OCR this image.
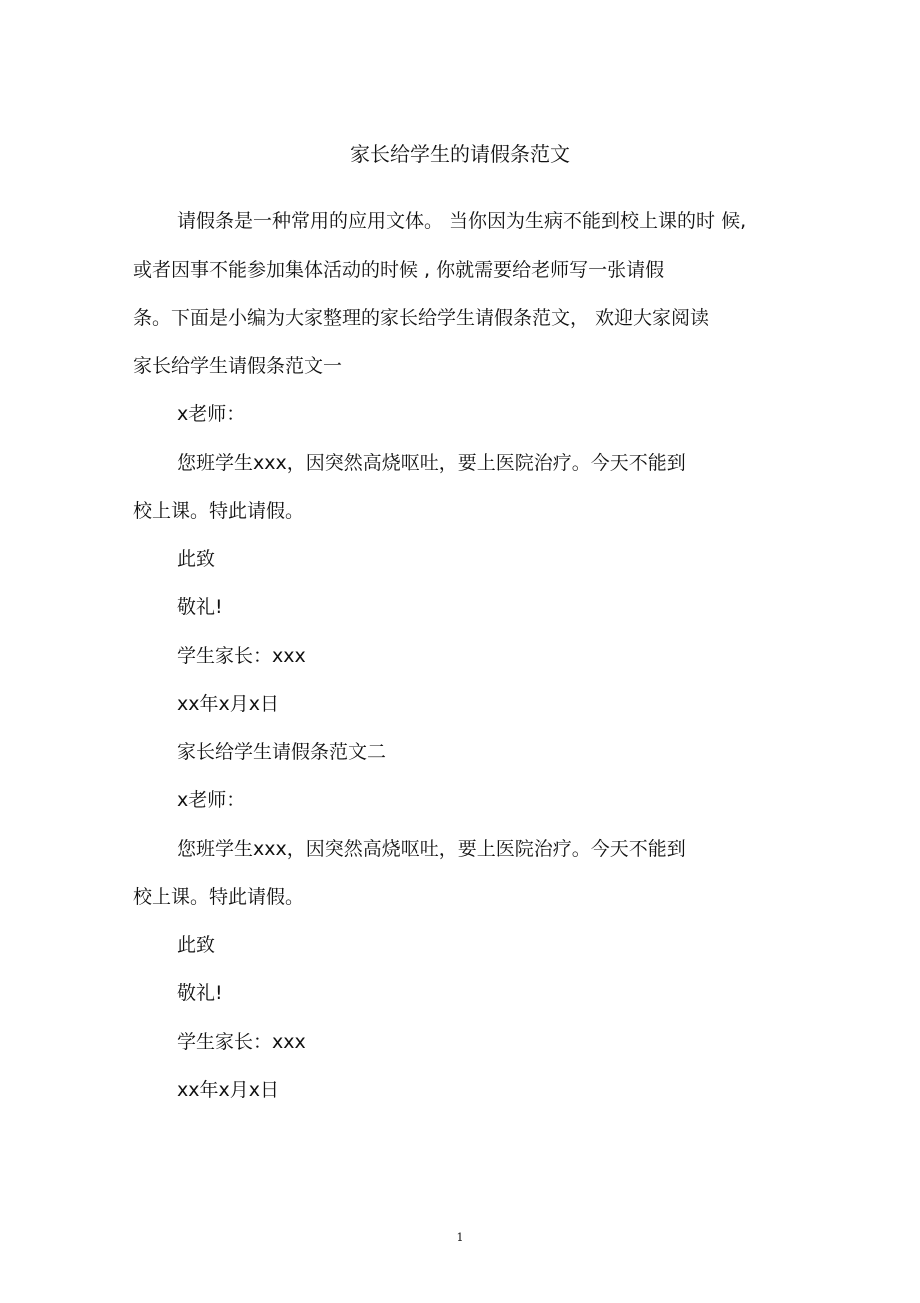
家长给学生的请假条范文
请假条是一种常用的应用文体。 当你因为生病不能到校上课的时 候,
或者因事不能参加集体活动的时候 , 你就需要给老师写一张请假
条。下面是小编为大家整理的家长给学生请假条范文， 欢迎大家阅读
家长给学生请假条范文一
x老师：
您班学生xxx，因突然高烧呕吐，要上医院治疗。今天不能到
校上课。特此请假。
此致
敬礼!
学生家长：xxx
xx年x月x日
家长给学生请假条范文二
x老师：
您班学生xxx，因突然高烧呕吐，要上医院治疗。今天不能到
校上课。特此请假。
此致
敬礼!
学生家长：xxx
xx年x月x日
1
